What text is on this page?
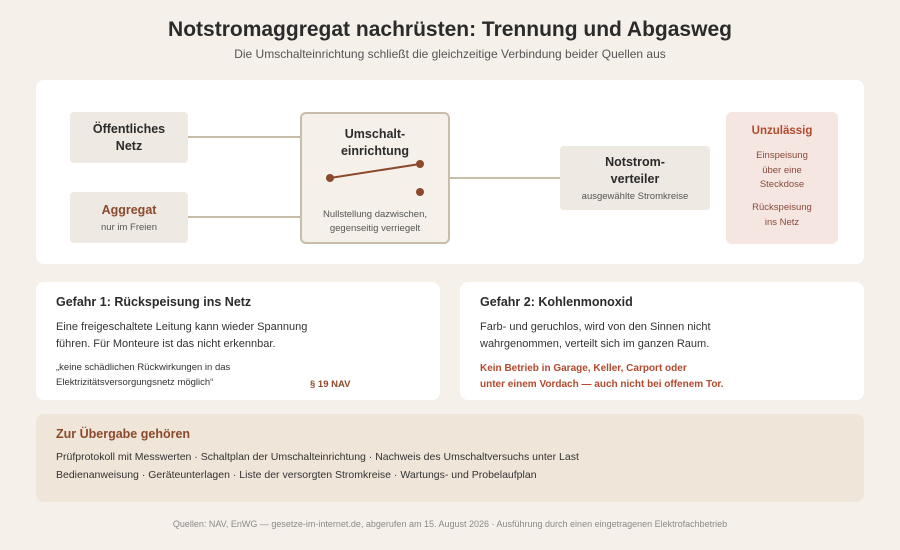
Notstromaggregat nachrüsten: Trennung und Abgasweg
Die Umschalteinrichtung schließt die gleichzeitige Verbindung beider Quellen aus
Öffentliches
Netz
Aggregat
nur im Freien
Umschalt-
einrichtung
Nullstellung dazwischen,
gegenseitig verriegelt
Notstrom-
verteiler
ausgewählte Stromkreise
Unzulässig
Einspeisung
über eine
Steckdose
Rückspeisung
ins Netz
Gefahr 1: Rückspeisung ins Netz
Eine freigeschaltete Leitung kann wieder Spannung
führen. Für Monteure ist das nicht erkennbar.
„keine schädlichen Rückwirkungen in das
Elektrizitätsversorgungsnetz möglich“	§ 19 NAV
Gefahr 2: Kohlenmonoxid
Farb- und geruchlos, wird von den Sinnen nicht
wahrgenommen, verteilt sich im ganzen Raum.
Kein Betrieb in Garage, Keller, Carport oder
unter einem Vordach — auch nicht bei offenem Tor.
Zur Übergabe gehören
Prüfprotokoll mit Messwerten · Schaltplan der Umschalteinrichtung · Nachweis des Umschaltversuchs unter Last
Bedienanweisung · Geräteunterlagen · Liste der versorgten Stromkreise · Wartungs- und Probelaufplan
Quellen: NAV, EnWG — gesetze-im-internet.de, abgerufen am 15. August 2026 · Ausführung durch einen eingetragenen Elektrofachbetrieb
